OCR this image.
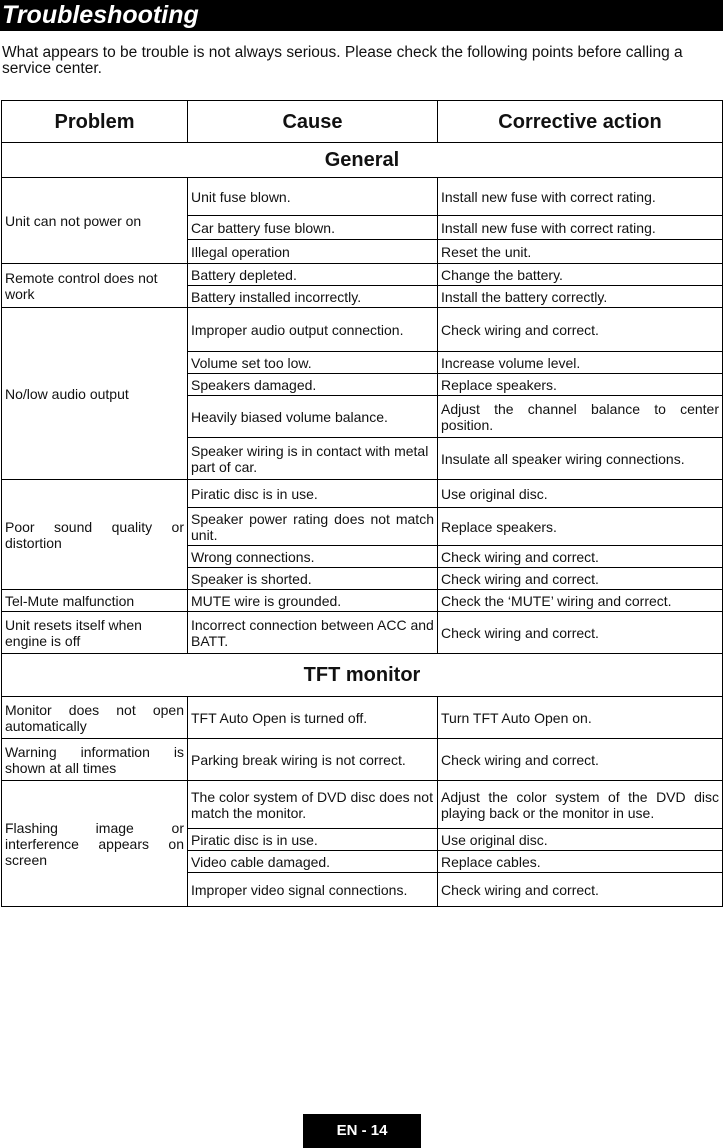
Troubleshooting
What appears to be trouble is not always serious. Please check the following points before calling a service center.
Problem	Cause	Corrective action
General		
Unit can not power on	Unit fuse blown.	Install new fuse with correct rating.
	Car battery fuse blown.	Install new fuse with correct rating.
	Illegal operation	Reset the unit.
Remote control does not work	Battery depleted.	Change the battery.
	Battery installed incorrectly.	Install the battery correctly.
No/low audio output	Improper audio output connection.	Check wiring and correct.
	Volume set too low.	Increase volume level.
	Speakers damaged.	Replace speakers.
	Heavily biased volume balance.	Adjust the channel balance to center position.
	Speaker wiring is in contact with metal part of car.	Insulate all speaker wiring connections.
Poor sound quality or distortion	Piratic disc is in use.	Use original disc.
	Speaker power rating does not match unit.	Replace speakers.
	Wrong connections.	Check wiring and correct.
	Speaker is shorted.	Check wiring and correct.
Tel-Mute malfunction	MUTE wire is grounded.	Check the ‘MUTE’ wiring and correct.
Unit resets itself when engine is off	Incorrect connection between ACC and BATT.	Check wiring and correct.
TFT monitor		
Monitor does not open automatically	TFT Auto Open is turned off.	Turn TFT Auto Open on.
Warning information is shown at all times	Parking break wiring is not correct.	Check wiring and correct.
Flashing image or interference appears on screen	The color system of DVD disc does not match the monitor.	Adjust the color system of the DVD disc playing back or the monitor in use.
	Piratic disc is in use.	Use original disc.
	Video cable damaged.	Replace cables.
	Improper video signal connections.	Check wiring and correct.
EN - 14
